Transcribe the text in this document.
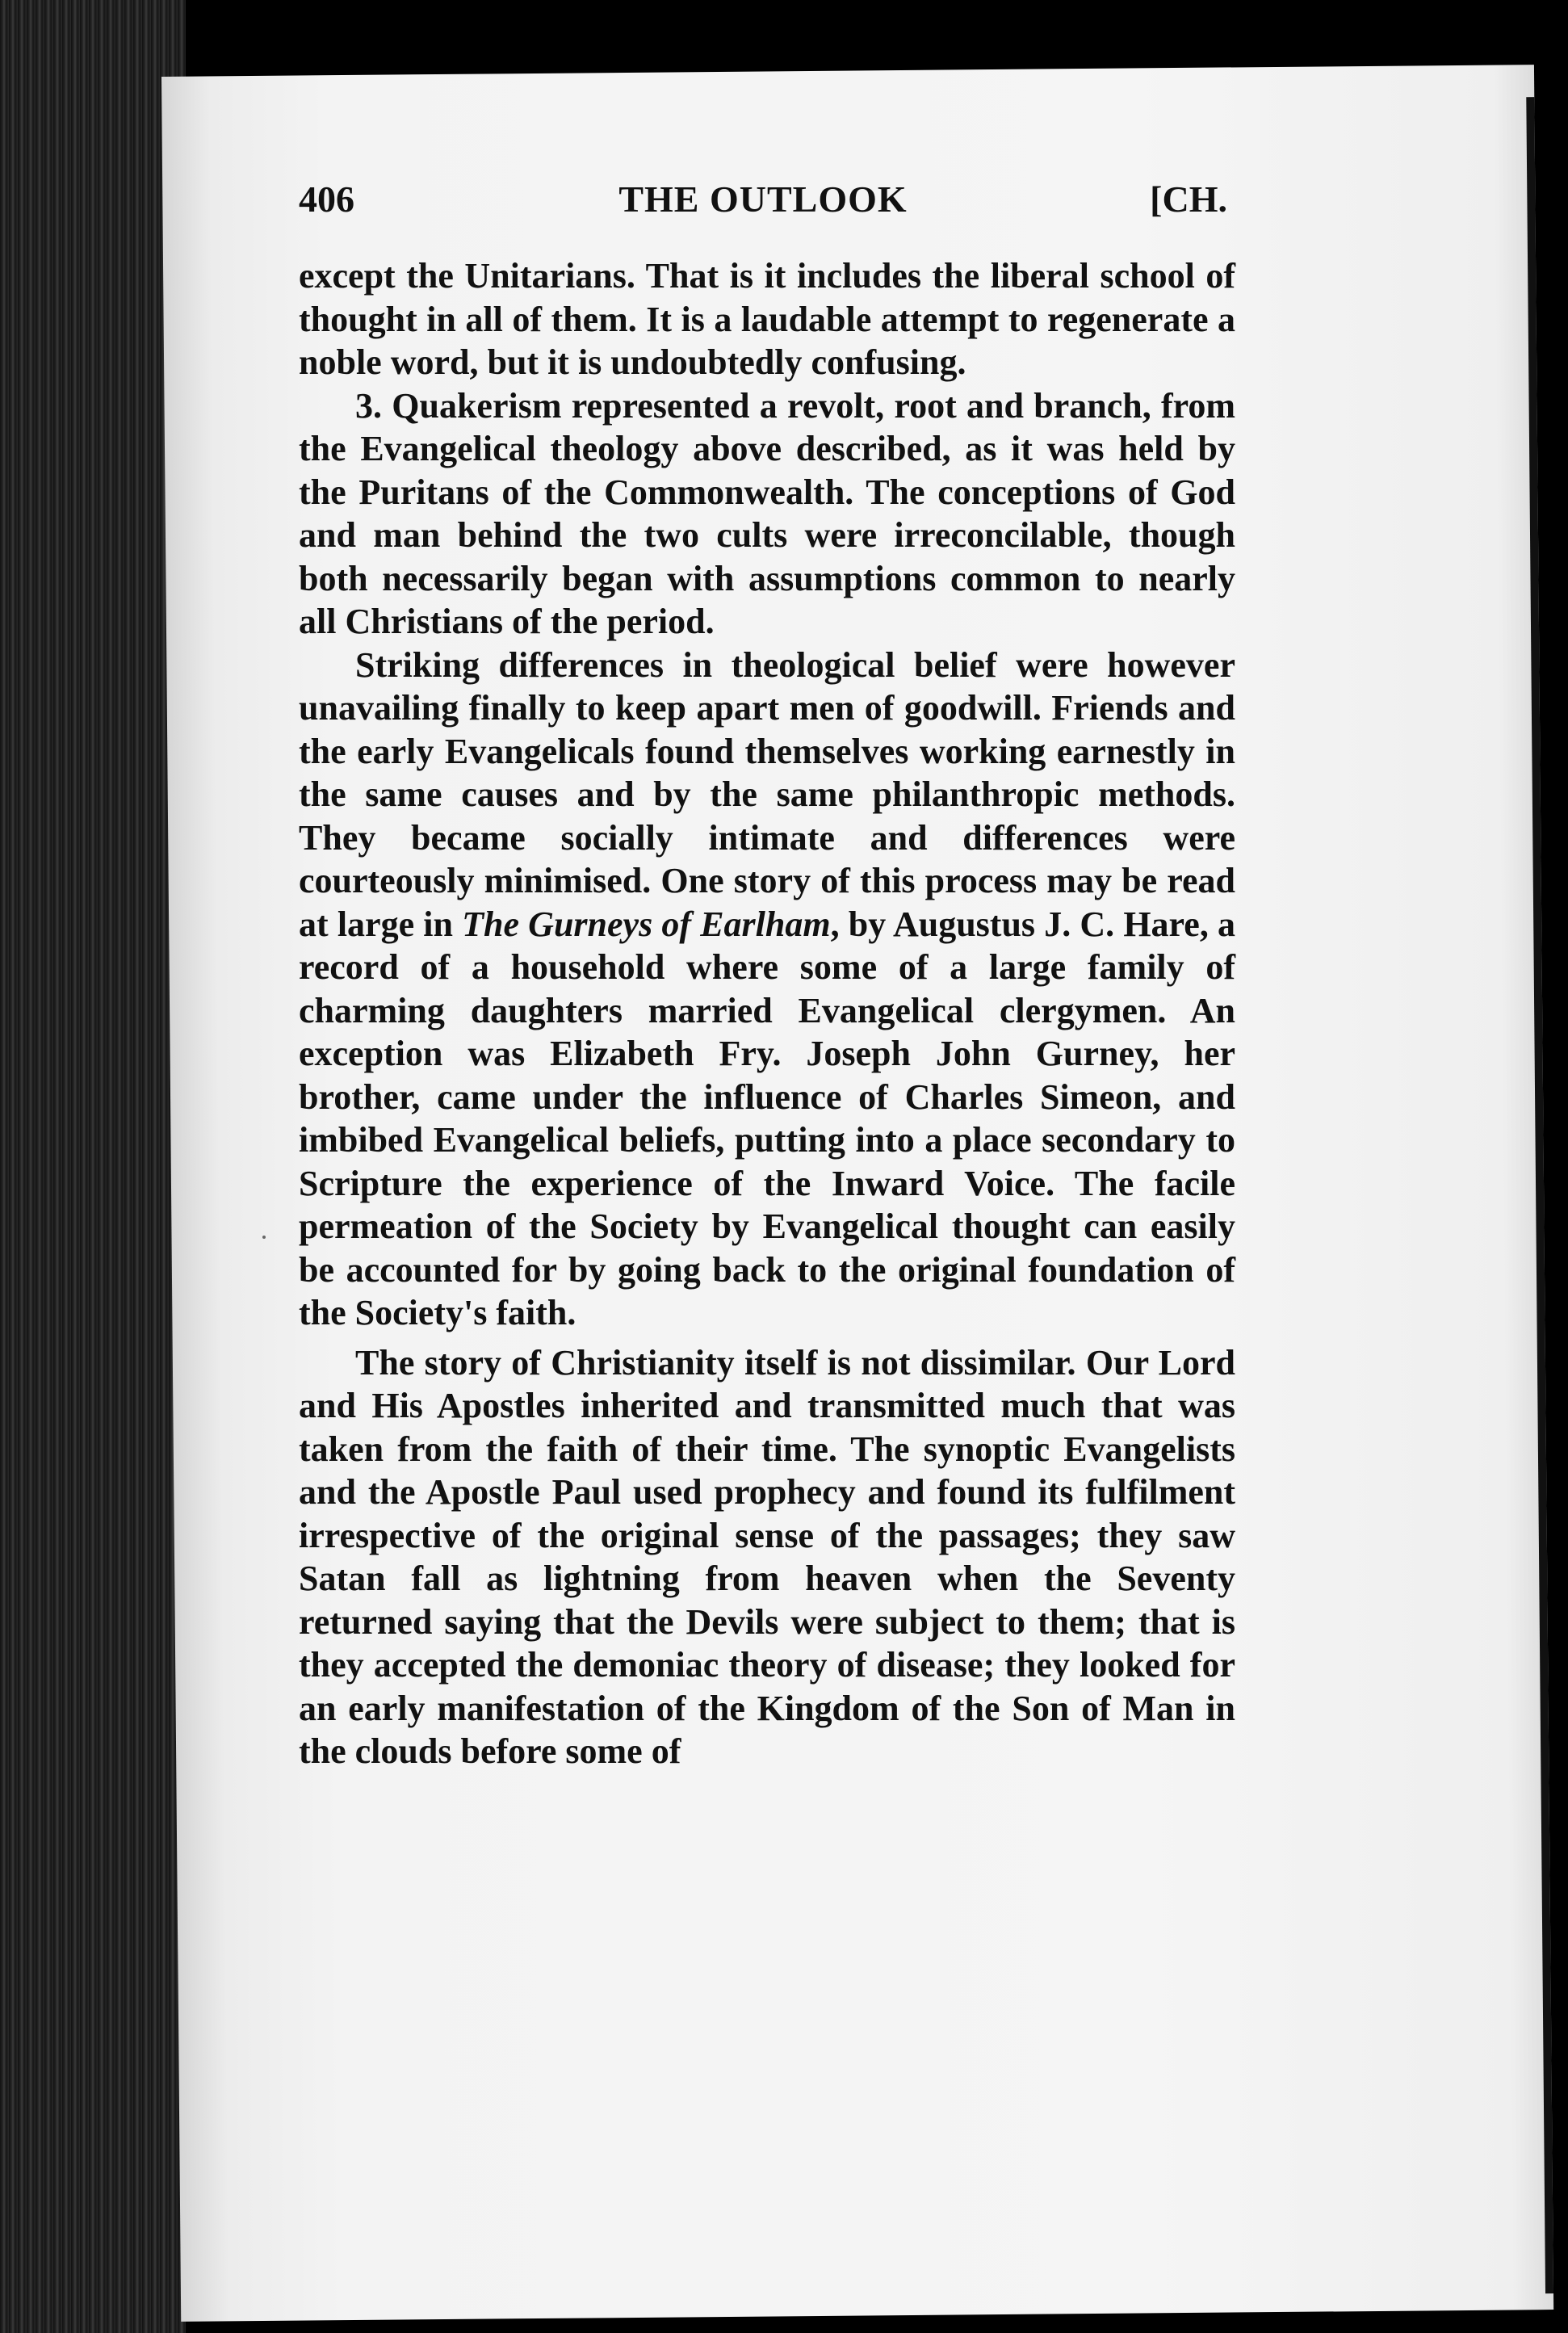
406	THE OUTLOOK	[CH.

except the Unitarians. That is it includes the liberal school of thought in all of them. It is a laudable attempt to regenerate a noble word, but it is undoubtedly confusing.

3. Quakerism represented a revolt, root and branch, from the Evangelical theology above described, as it was held by the Puritans of the Commonwealth. The conceptions of God and man behind the two cults were irreconcilable, though both necessarily began with assumptions common to nearly all Christians of the period.

Striking differences in theological belief were however unavailing finally to keep apart men of goodwill. Friends and the early Evangelicals found themselves working earnestly in the same causes and by the same philanthropic methods. They became socially intimate and differences were courteously minimised. One story of this process may be read at large in The Gurneys of Earlham, by Augustus J. C. Hare, a record of a household where some of a large family of charming daughters married Evangelical clergymen. An exception was Elizabeth Fry. Joseph John Gurney, her brother, came under the influence of Charles Simeon, and imbibed Evangelical beliefs, putting into a place secondary to Scripture the experience of the Inward Voice. The facile permeation of the Society by Evangelical thought can easily be accounted for by going back to the original foundation of the Society's faith.

The story of Christianity itself is not dissimilar. Our Lord and His Apostles inherited and transmitted much that was taken from the faith of their time. The synoptic Evangelists and the Apostle Paul used prophecy and found its fulfilment irrespective of the original sense of the passages; they saw Satan fall as lightning from heaven when the Seventy returned saying that the Devils were subject to them; that is they accepted the demoniac theory of disease; they looked for an early manifestation of the Kingdom of the Son of Man in the clouds before some of
